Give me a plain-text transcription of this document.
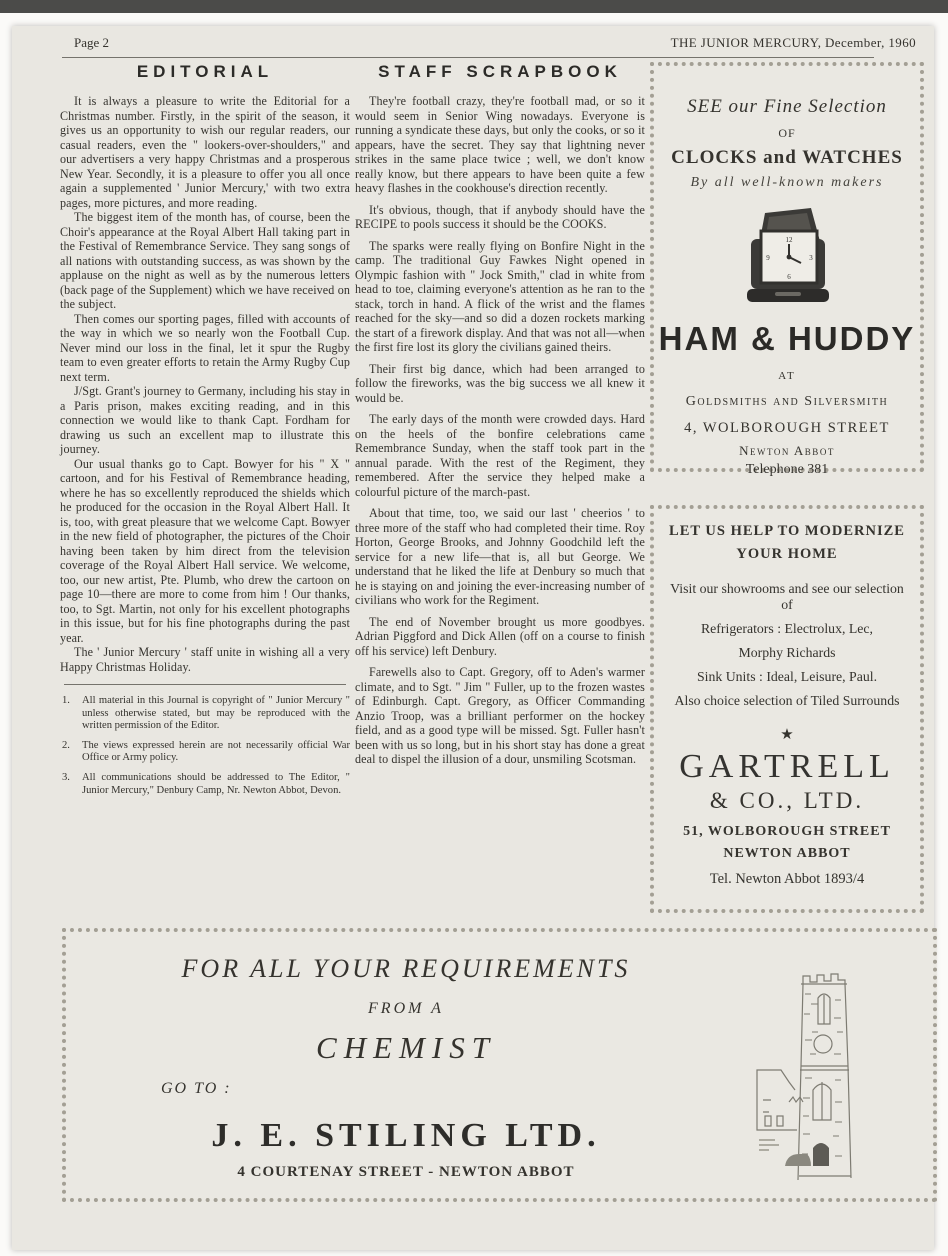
Page 2	THE JUNIOR MERCURY, December, 1960
EDITORIAL

It is always a pleasure to write the Editorial for a Christmas number. Firstly, in the spirit of the season, it gives us an opportunity to wish our regular readers, our casual readers, even the " lookers-over-shoulders," and our advertisers a very happy Christmas and a prosperous New Year. Secondly, it is a pleasure to offer you all once again a supplemented ' Junior Mercury,' with two extra pages, more pictures, and more reading.

The biggest item of the month has, of course, been the Choir's appearance at the Royal Albert Hall taking part in the Festival of Remembrance Service. They sang songs of all nations with outstanding success, as was shown by the applause on the night as well as by the numerous letters (back page of the Supplement) which we have received on the subject.

Then comes our sporting pages, filled with accounts of the way in which we so nearly won the Football Cup. Never mind our loss in the final, let it spur the Rugby team to even greater efforts to retain the Army Rugby Cup next term.

J/Sgt. Grant's journey to Germany, including his stay in a Paris prison, makes exciting reading, and in this connection we would like to thank Capt. Fordham for drawing us such an excellent map to illustrate this journey.

Our usual thanks go to Capt. Bowyer for his " X " cartoon, and for his Festival of Remembrance heading, where he has so excellently reproduced the shields which he produced for the occasion in the Royal Albert Hall. It is, too, with great pleasure that we welcome Capt. Bowyer in the new field of photographer, the pictures of the Choir having been taken by him direct from the television coverage of the Royal Albert Hall service. We welcome, too, our new artist, Pte. Plumb, who drew the cartoon on page 10—there are more to come from him ! Our thanks, too, to Sgt. Martin, not only for his excellent photographs in this issue, but for his fine photographs during the past year.

The ' Junior Mercury ' staff unite in wishing all a very Happy Christmas Holiday.

1.	All material in this Journal is copyright of " Junior Mercury " unless otherwise stated, but may be reproduced with the written permission of the Editor.
2.	The views expressed herein are not necessarily official War Office or Army policy.
3.	All communications should be addressed to The Editor, " Junior Mercury," Denbury Camp, Nr. Newton Abbot, Devon.
STAFF SCRAPBOOK

They're football crazy, they're football mad, or so it would seem in Senior Wing nowadays. Everyone is running a syndicate these days, but only the cooks, or so it appears, have the secret. They say that lightning never strikes in the same place twice ; well, we don't know really know, but there appears to have been quite a few heavy flashes in the cookhouse's direction recently.

It's obvious, though, that if anybody should have the RECIPE to pools success it should be the COOKS.

The sparks were really flying on Bonfire Night in the camp. The traditional Guy Fawkes Night opened in Olympic fashion with " Jock Smith," clad in white from head to toe, claiming everyone's attention as he ran to the stack, torch in hand. A flick of the wrist and the flames reached for the sky—and so did a dozen rockets marking the start of a firework display. And that was not all—when the first fire lost its glory the civilians gained theirs.

Their first big dance, which had been arranged to follow the fireworks, was the big success we all knew it would be.

The early days of the month were crowded days. Hard on the heels of the bonfire celebrations came Remembrance Sunday, when the staff took part in the annual parade. With the rest of the Regiment, they remembered. After the service they helped make a colourful picture of the march-past.

About that time, too, we said our last ' cheerios ' to three more of the staff who had completed their time. Roy Horton, George Brooks, and Johnny Goodchild left the service for a new life—that is, all but George. We understand that he liked the life at Denbury so much that he is staying on and joining the ever-increasing number of civilians who work for the Regiment.

The end of November brought us more goodbyes. Adrian Piggford and Dick Allen (off on a course to finish off his service) left Denbury.

Farewells also to Capt. Gregory, off to Aden's warmer climate, and to Sgt. " Jim " Fuller, up to the frozen wastes of Edinburgh. Capt. Gregory, as Officer Commanding Anzio Troop, was a brilliant performer on the hockey field, and as a good type will be missed. Sgt. Fuller hasn't been with us so long, but in his short stay has done a great deal to dispel the illusion of a dour, unsmiling Scotsman.

SEE our Fine Selection
OF
CLOCKS and WATCHES
By all well-known makers
12
3
6
9
HAM & HUDDY
AT
Goldsmiths and Silversmith
4, WOLBOROUGH STREET
Newton Abbot
Telephone 381
LET US HELP TO MODERNIZE
YOUR HOME
Visit our showrooms and see our selection of
Refrigerators : Electrolux, Lec,
Morphy Richards
Sink Units : Ideal, Leisure, Paul.
Also choice selection of Tiled Surrounds
★
GARTRELL
& CO., LTD.
51, WOLBOROUGH STREET
NEWTON ABBOT
Tel. Newton Abbot 1893/4
FOR ALL YOUR REQUIREMENTS
FROM A
CHEMIST
GO TO :
J. E. STILING LTD.
4 COURTENAY STREET - NEWTON ABBOT
